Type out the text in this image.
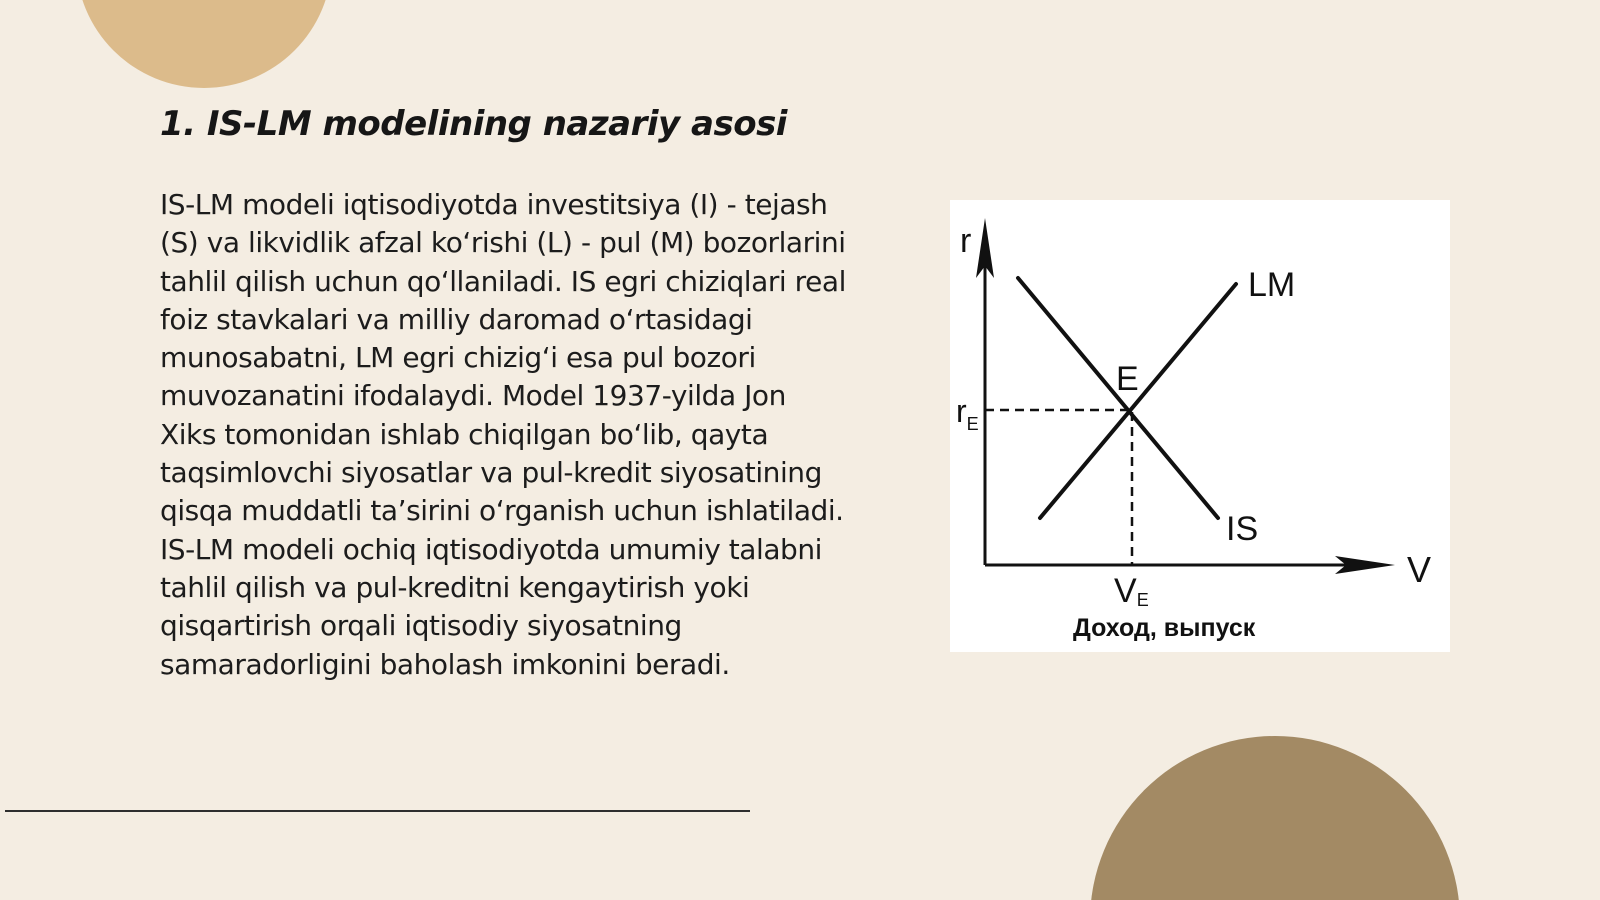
1. IS-LM modelining nazariy asosi

IS-LM modeli iqtisodiyotda investitsiya (I) - tejash (S) va likvidlik afzal ko‘rishi (L) - pul (M) bozorlarini tahlil qilish uchun qo‘llaniladi. IS egri chiziqlari real foiz stavkalari va milliy daromad o‘rtasidagi munosabatni, LM egri chizig‘i esa pul bozori muvozanatini ifodalaydi. Model 1937-yilda Jon Xiks tomonidan ishlab chiqilgan bo‘lib, qayta taqsimlovchi siyosatlar va pul-kredit siyosatining qisqa muddatli ta’sirini o‘rganish uchun ishlatiladi. IS-LM modeli ochiq iqtisodiyotda umumiy talabni tahlil qilish va pul-kreditni kengaytirish yoki qisqartirish orqali iqtisodiy siyosatning samaradorligini baholash imkonini beradi.

r
V
LM
IS
E
$r_E$
VE
Доход, выпуск
